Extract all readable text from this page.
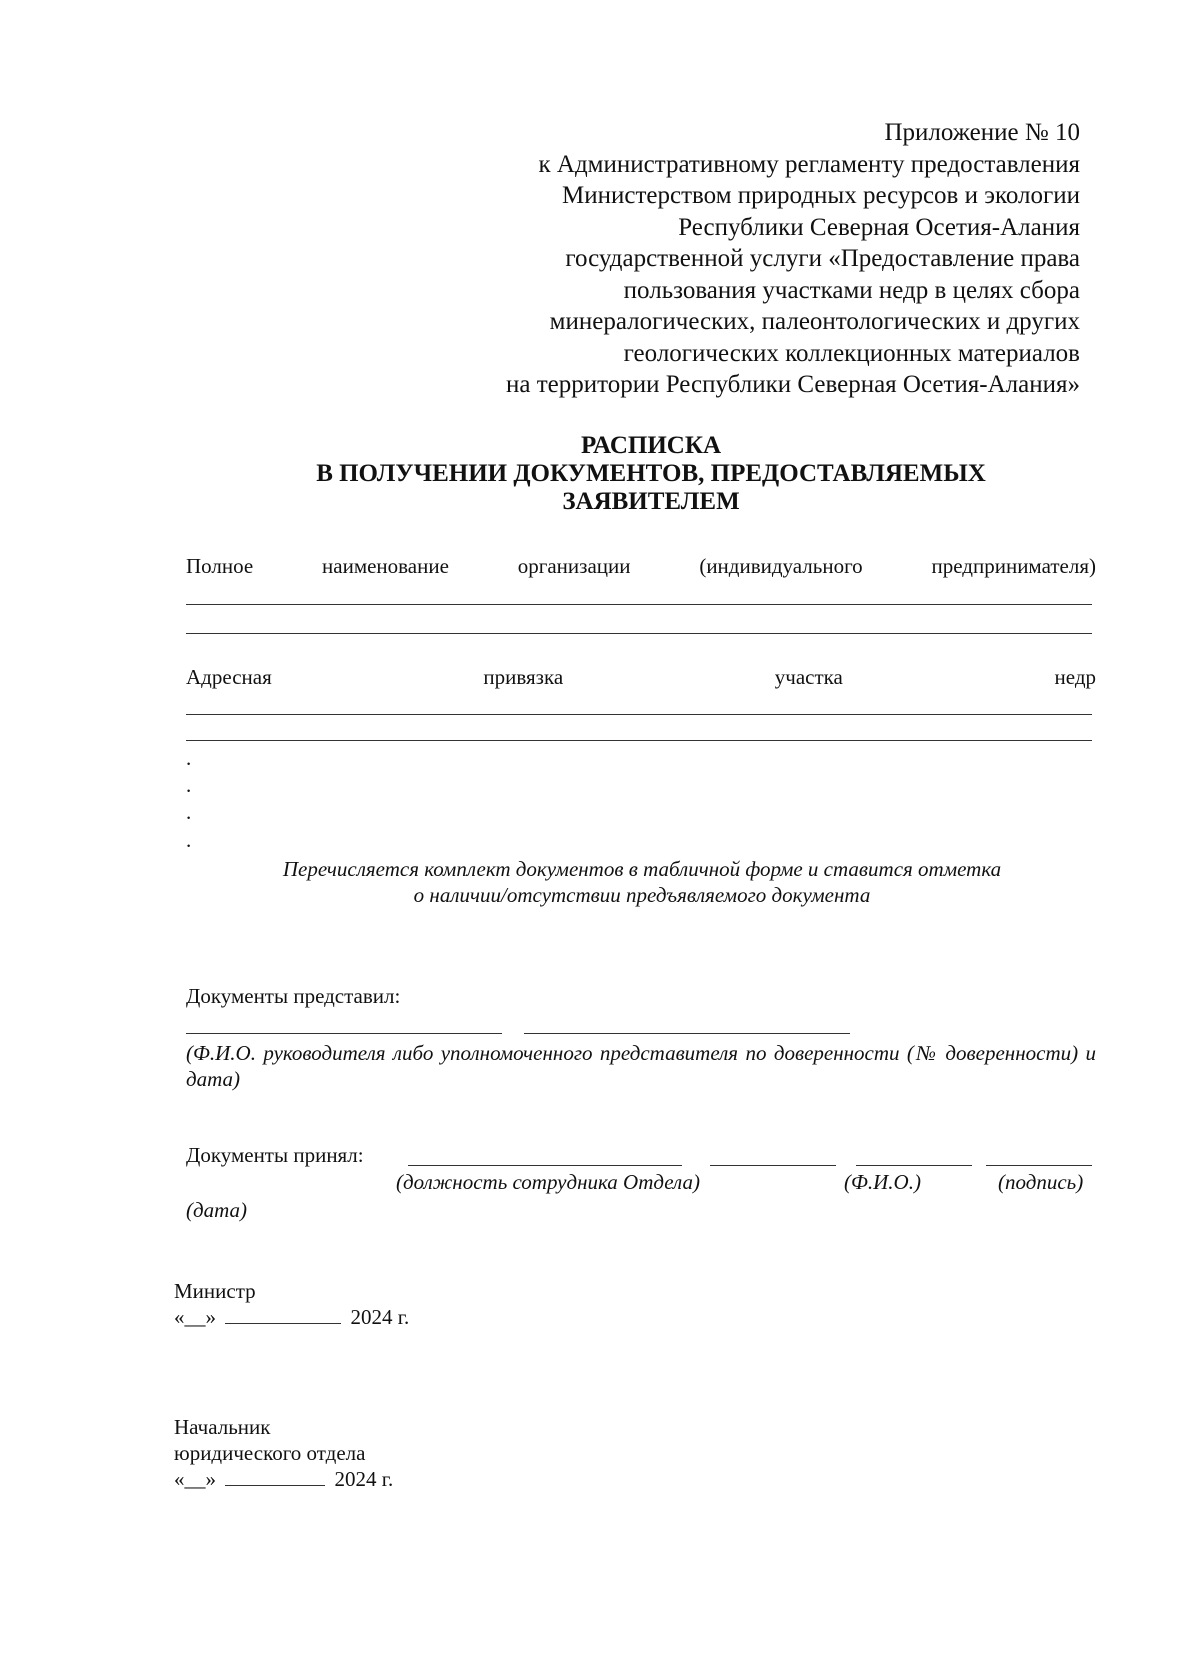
Приложение № 10
к Административному регламенту предоставления
Министерством природных ресурсов и экологии
Республики Северная Осетия-Алания
государственной услуги «Предоставление права
пользования участками недр в целях сбора
минералогических, палеонтологических и других
геологических коллекционных материалов
на территории Республики Северная Осетия-Алания»
РАСПИСКА
В ПОЛУЧЕНИИ ДОКУМЕНТОВ, ПРЕДОСТАВЛЯЕМЫХ
ЗАЯВИТЕЛЕМ
Полное	наименование	организации	(индивидуального	предпринимателя)
Адресная	привязка	участка	недр
.
.
.
.
Перечисляется комплект документов в табличной форме и ставится отметка
о наличии/отсутствии предъявляемого документа
Документы представил:
(Ф.И.О. руководителя либо уполномоченного представителя по доверенности (№ доверенности) и дата)
Документы принял:
(должность сотрудника Отдела)	(Ф.И.О.)	(подпись)
(дата)
Министр
«__»	2024 г.
Начальник
юридического отдела
«__»	2024 г.
